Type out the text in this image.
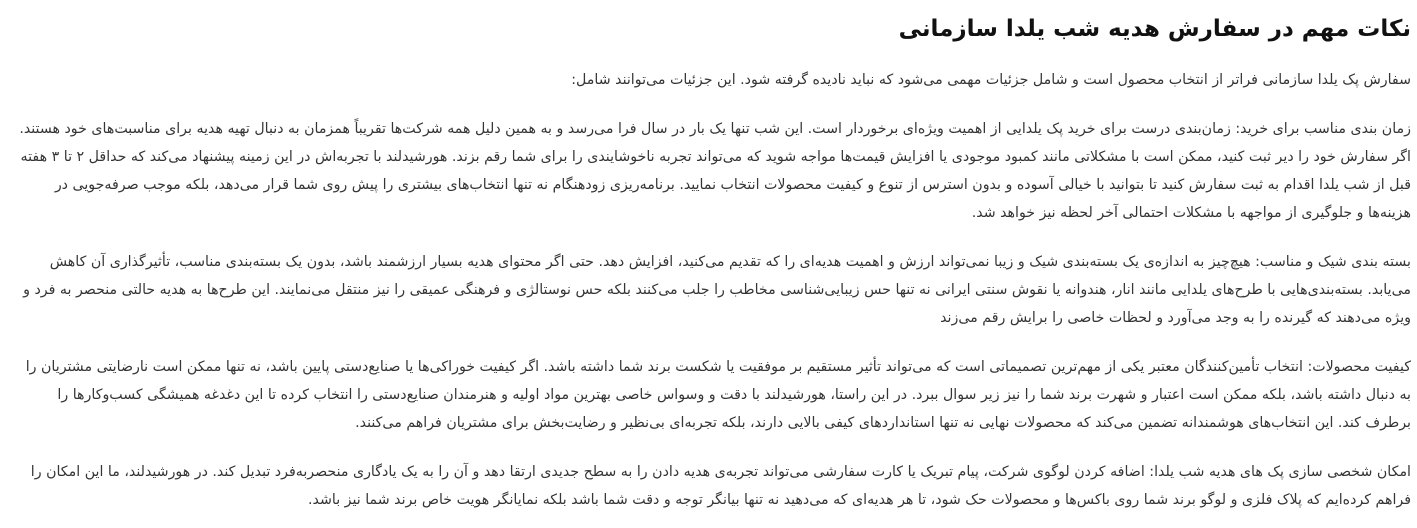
نکات مهم در سفارش هدیه شب یلدا سازمانی

سفارش پک یلدا سازمانی فراتر از انتخاب محصول است و شامل جزئیات مهمی می‌شود که نباید نادیده گرفته شود. این جزئیات می‌توانند شامل:

زمان بندی مناسب برای خرید: زمان‌بندی درست برای خرید پک یلدایی از اهمیت ویژه‌ای برخوردار است. این شب تنها یک بار در سال فرا می‌رسد و به همین دلیل همه شرکت‌ها تقریباً همزمان به دنبال تهیه هدیه برای مناسبت‌های خود هستند. اگر سفارش خود را دیر ثبت کنید، ممکن است با مشکلاتی مانند کمبود موجودی یا افزایش قیمت‌ها مواجه شوید که می‌تواند تجربه ناخوشایندی را برای شما رقم بزند. هورشیدلند با تجربه‌اش در این زمینه پیشنهاد می‌کند که حداقل ۲ تا ۳ هفته قبل از شب یلدا اقدام به ثبت سفارش کنید تا بتوانید با خیالی آسوده و بدون استرس از تنوع و کیفیت محصولات انتخاب نمایید. برنامه‌ریزی زودهنگام نه تنها انتخاب‌های بیشتری را پیش روی شما قرار می‌دهد، بلکه موجب صرفه‌جویی در هزینه‌ها و جلوگیری از مواجهه با مشکلات احتمالی آخر لحظه نیز خواهد شد.

بسته بندی شیک و مناسب: هیچ‌چیز به اندازه‌ی یک بسته‌بندی شیک و زیبا نمی‌تواند ارزش و اهمیت هدیه‌ای را که تقدیم می‌کنید، افزایش دهد. حتی اگر محتوای هدیه بسیار ارزشمند باشد، بدون یک بسته‌بندی مناسب، تأثیرگذاری آن کاهش می‌یابد. بسته‌بندی‌هایی با طرح‌های یلدایی مانند انار، هندوانه یا نقوش سنتی ایرانی نه تنها حس زیبایی‌شناسی مخاطب را جلب می‌کنند بلکه حس نوستالژی و فرهنگی عمیقی را نیز منتقل می‌نمایند. این طرح‌ها به هدیه حالتی منحصر به فرد و ویژه می‌دهند که گیرنده را به وجد می‌آورد و لحظات خاصی را برایش رقم می‌زند

کیفیت محصولات: انتخاب تأمین‌کنندگان معتبر یکی از مهم‌ترین تصمیماتی است که می‌تواند تأثیر مستقیم بر موفقیت یا شکست برند شما داشته باشد. اگر کیفیت خوراکی‌ها یا صنایع‌دستی پایین باشد، نه تنها ممکن است نارضایتی مشتریان را به دنبال داشته باشد، بلکه ممکن است اعتبار و شهرت برند شما را نیز زیر سوال ببرد. در این راستا، هورشیدلند با دقت و وسواس خاصی بهترین مواد اولیه و هنرمندان صنایع‌دستی را انتخاب کرده تا این دغدغه همیشگی کسب‌وکارها را برطرف کند. این انتخاب‌های هوشمندانه تضمین می‌کند که محصولات نهایی نه تنها استانداردهای کیفی بالایی دارند، بلکه تجربه‌ای بی‌نظیر و رضایت‌بخش برای مشتریان فراهم می‌کنند.

امکان شخصی سازی پک های هدیه شب یلدا: اضافه کردن لوگوی شرکت، پیام تبریک یا کارت سفارشی می‌تواند تجربه‌ی هدیه دادن را به سطح جدیدی ارتقا دهد و آن را به یک یادگاری منحصربه‌فرد تبدیل کند. در هورشیدلند، ما این امکان را فراهم کرده‌ایم که پلاک فلزی و لوگو برند شما روی باکس‌ها و محصولات حک شود، تا هر هدیه‌ای که می‌دهید نه تنها بیانگر توجه و دقت شما باشد بلکه نمایانگر هویت خاص برند شما نیز باشد.
